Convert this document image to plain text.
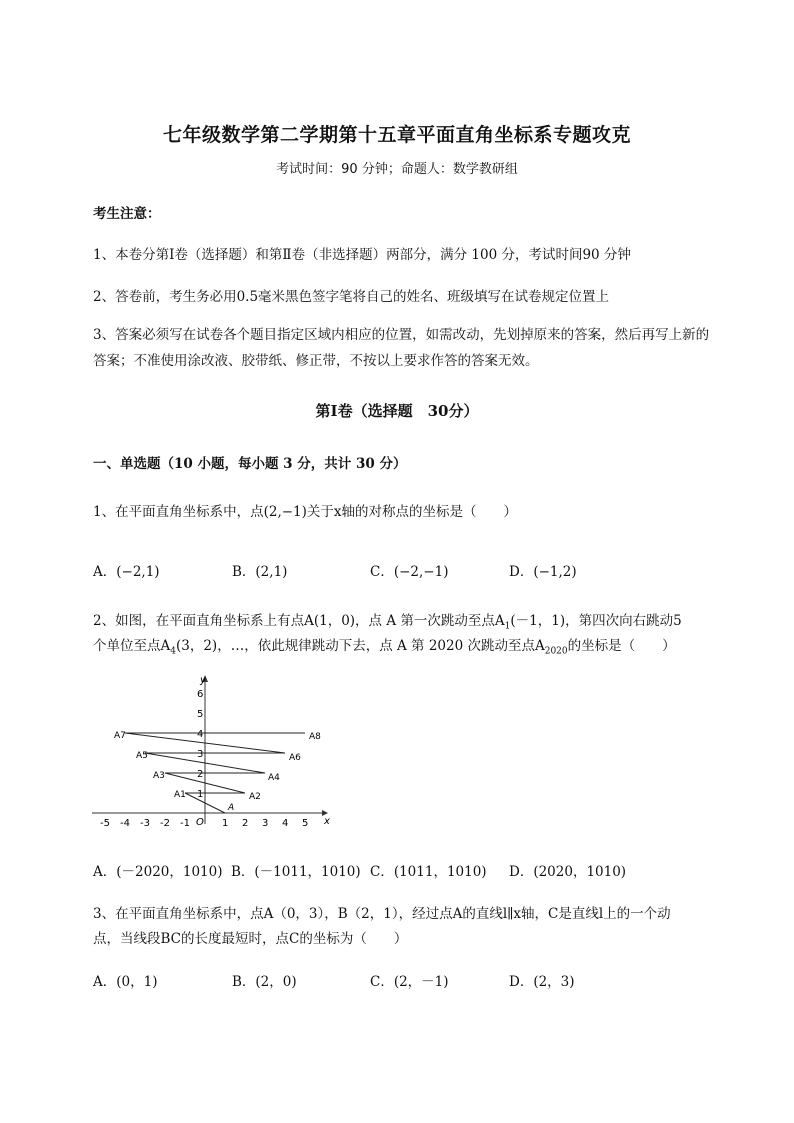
七年级数学第二学期第十五章平面直角坐标系专题攻克
考试时间：90 分钟；命题人：数学教研组
考生注意：
1、本卷分第Ⅰ卷（选择题）和第Ⅱ卷（非选择题）两部分，满分 100 分，考试时间90 分钟
2、答卷前，考生务必用0.5毫米黑色签字笔将自己的姓名、班级填写在试卷规定位置上
3、答案必须写在试卷各个题目指定区域内相应的位置，如需改动，先划掉原来的答案，然后再写上新的答案；不准使用涂改液、胶带纸、修正带，不按以上要求作答的答案无效。
第Ⅰ卷（选择题　30分）
一、单选题（10 小题，每小题 3 分，共计 30 分）
1、在平面直角坐标系中，点(2,−1)关于x轴的对称点的坐标是（　　）
A．(−2,1)	B．(2,1)	C．(−2,−1)	D．(−1,2)
2、如图，在平面直角坐标系上有点A(1，0)，点 A 第一次跳动至点$A_1(-1$，1)，第四次向右跳动5
个单位至点$A_4(3$，2)，…，依此规律跳动下去，点 A 第 2020 次跳动至点$A_{2020}$的坐标是（　　）
x
y
O
-5 -4 -3 -2 -1	1 2 3 4 5
1
2
3
4
5
6
A
A1	A2
A3	A4
A5	A6
A7	A8
A．(－2020，1010) B．(－1011，1010) C．(1011，1010) D．(2020，1010)
3、在平面直角坐标系中，点A（0，3），B（2，1），经过点A的直线l∥x轴，C是直线l上的一个动
点，当线段BC的长度最短时，点C的坐标为（　　）
A．(0，1)	B．(2，0)	C．(2，－1)	D．(2，3)
